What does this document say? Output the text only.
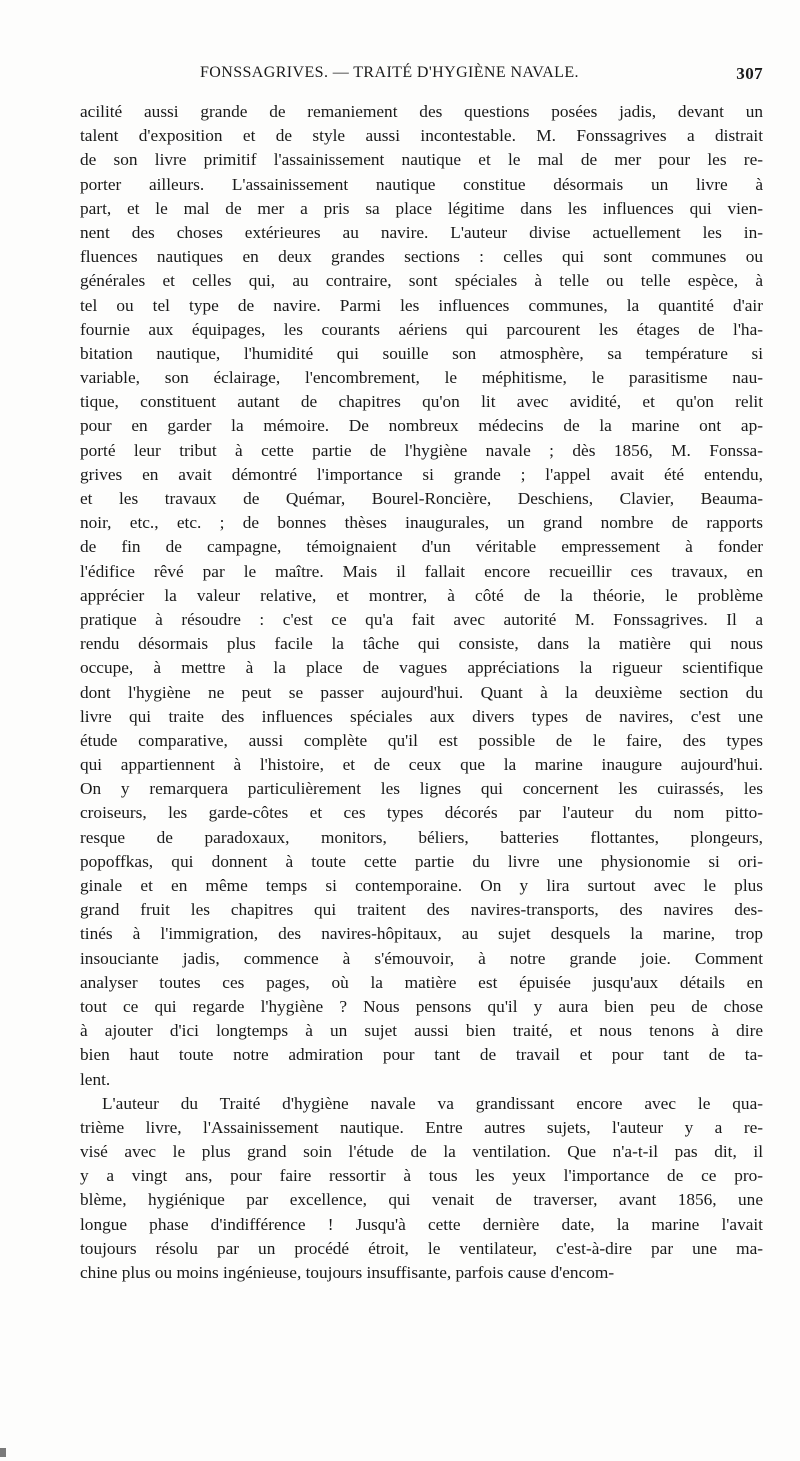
FONSSAGRIVES. — TRAITÉ D'HYGIÈNE NAVALE.	307
acilité aussi grande de remaniement des questions posées jadis, devant un
talent d'exposition et de style aussi incontestable. M. Fonssagrives a distrait
de son livre primitif l'assainissement nautique et le mal de mer pour les re-
porter ailleurs. L'assainissement nautique constitue désormais un livre à
part, et le mal de mer a pris sa place légitime dans les influences qui vien-
nent des choses extérieures au navire. L'auteur divise actuellement les in-
fluences nautiques en deux grandes sections : celles qui sont communes ou
générales et celles qui, au contraire, sont spéciales à telle ou telle espèce, à
tel ou tel type de navire. Parmi les influences communes, la quantité d'air
fournie aux équipages, les courants aériens qui parcourent les étages de l'ha-
bitation nautique, l'humidité qui souille son atmosphère, sa température si
variable, son éclairage, l'encombrement, le méphitisme, le parasitisme nau-
tique, constituent autant de chapitres qu'on lit avec avidité, et qu'on relit
pour en garder la mémoire. De nombreux médecins de la marine ont ap-
porté leur tribut à cette partie de l'hygiène navale ; dès 1856, M. Fonssa-
grives en avait démontré l'importance si grande ; l'appel avait été entendu,
et les travaux de Quémar, Bourel-Roncière, Deschiens, Clavier, Beauma-
noir, etc., etc. ; de bonnes thèses inaugurales, un grand nombre de rapports
de fin de campagne, témoignaient d'un véritable empressement à fonder
l'édifice rêvé par le maître. Mais il fallait encore recueillir ces travaux, en
apprécier la valeur relative, et montrer, à côté de la théorie, le problème
pratique à résoudre : c'est ce qu'a fait avec autorité M. Fonssagrives. Il a
rendu désormais plus facile la tâche qui consiste, dans la matière qui nous
occupe, à mettre à la place de vagues appréciations la rigueur scientifique
dont l'hygiène ne peut se passer aujourd'hui. Quant à la deuxième section du
livre qui traite des influences spéciales aux divers types de navires, c'est une
étude comparative, aussi complète qu'il est possible de le faire, des types
qui appartiennent à l'histoire, et de ceux que la marine inaugure aujourd'hui.
On y remarquera particulièrement les lignes qui concernent les cuirassés, les
croiseurs, les garde-côtes et ces types décorés par l'auteur du nom pitto-
resque de paradoxaux, monitors, béliers, batteries flottantes, plongeurs,
popoffkas, qui donnent à toute cette partie du livre une physionomie si ori-
ginale et en même temps si contemporaine. On y lira surtout avec le plus
grand fruit les chapitres qui traitent des navires-transports, des navires des-
tinés à l'immigration, des navires-hôpitaux, au sujet desquels la marine, trop
insouciante jadis, commence à s'émouvoir, à notre grande joie. Comment
analyser toutes ces pages, où la matière est épuisée jusqu'aux détails en
tout ce qui regarde l'hygiène ? Nous pensons qu'il y aura bien peu de chose
à ajouter d'ici longtemps à un sujet aussi bien traité, et nous tenons à dire
bien haut toute notre admiration pour tant de travail et pour tant de ta-
lent.
L'auteur du Traité d'hygiène navale va grandissant encore avec le qua-
trième livre, l'Assainissement nautique. Entre autres sujets, l'auteur y a re-
visé avec le plus grand soin l'étude de la ventilation. Que n'a-t-il pas dit, il
y a vingt ans, pour faire ressortir à tous les yeux l'importance de ce pro-
blème, hygiénique par excellence, qui venait de traverser, avant 1856, une
longue phase d'indifférence ! Jusqu'à cette dernière date, la marine l'avait
toujours résolu par un procédé étroit, le ventilateur, c'est-à-dire par une ma-
chine plus ou moins ingénieuse, toujours insuffisante, parfois cause d'encom-
